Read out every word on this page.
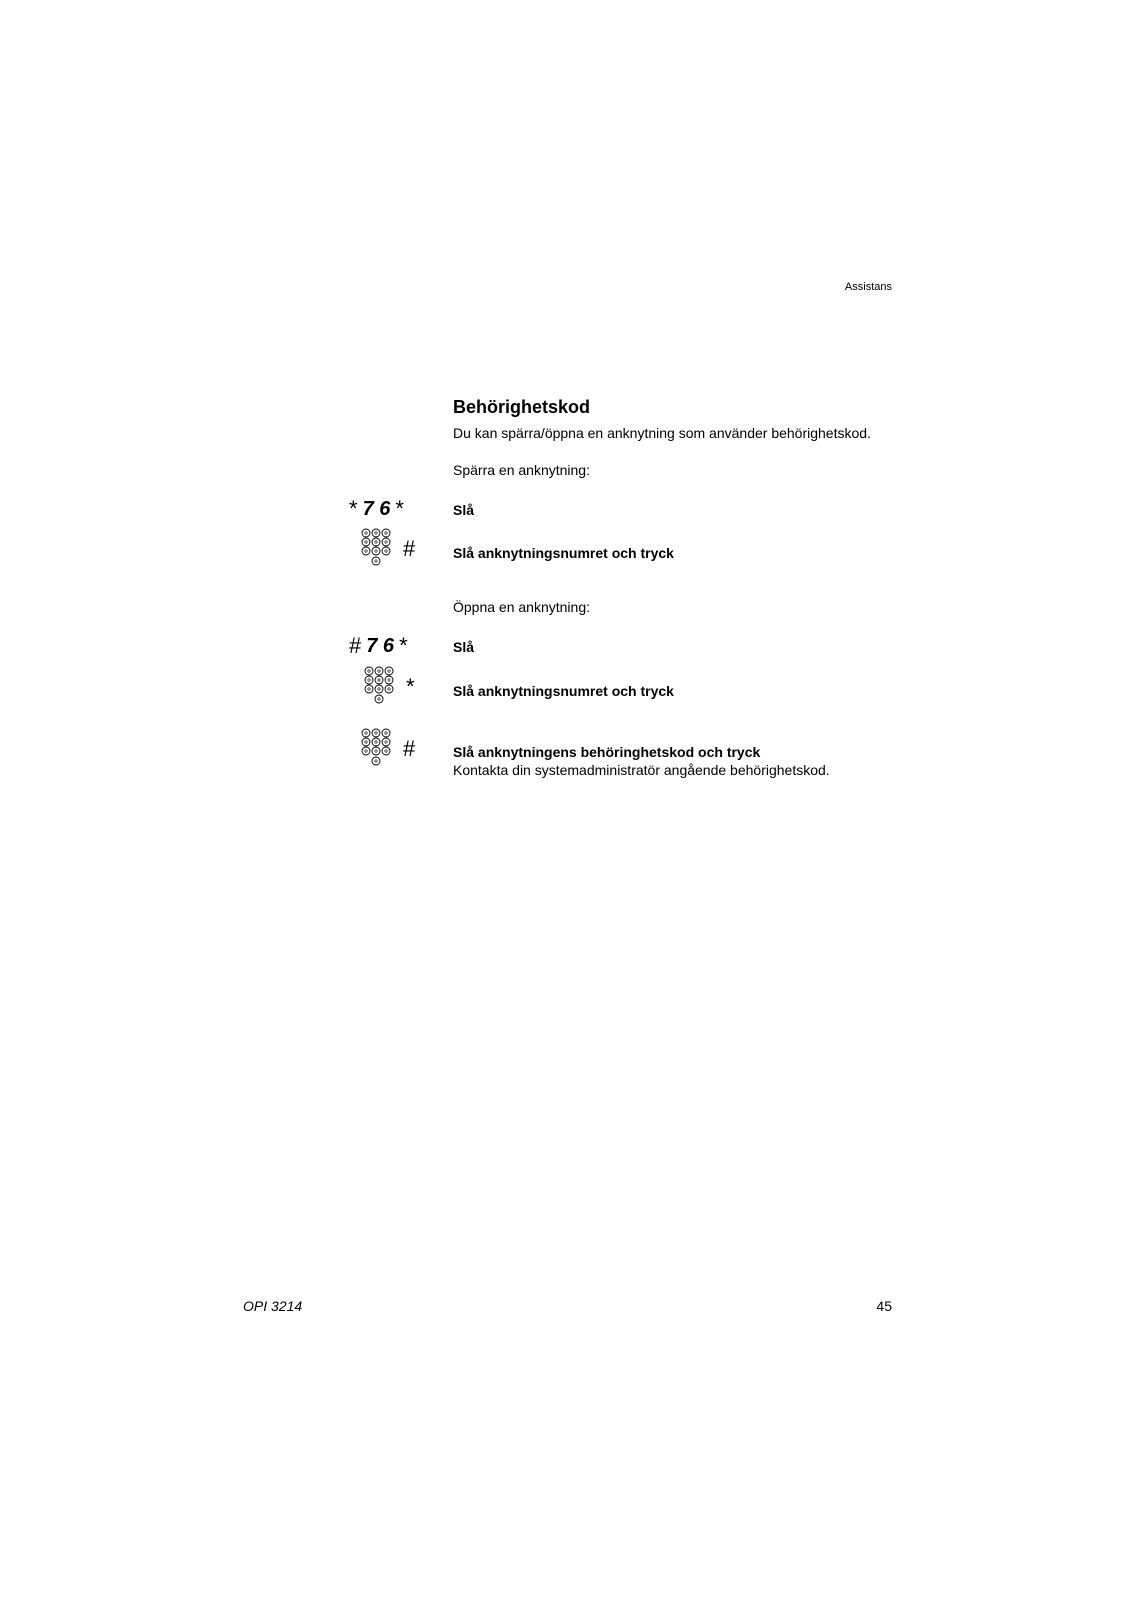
Assistans
Behörighetskod
Du kan spärra/öppna en anknytning som använder behörighetskod.
Spärra en anknytning:
* 7 6 *	Slå
#	Slå anknytningsnumret och tryck
Öppna en anknytning:
# 7 6 *	Slå
*	Slå anknytningsnumret och tryck
#	Slå anknytningens behöringhetskod och tryck
Kontakta din systemadministratör angående behörighetskod.
OPI 3214	45
